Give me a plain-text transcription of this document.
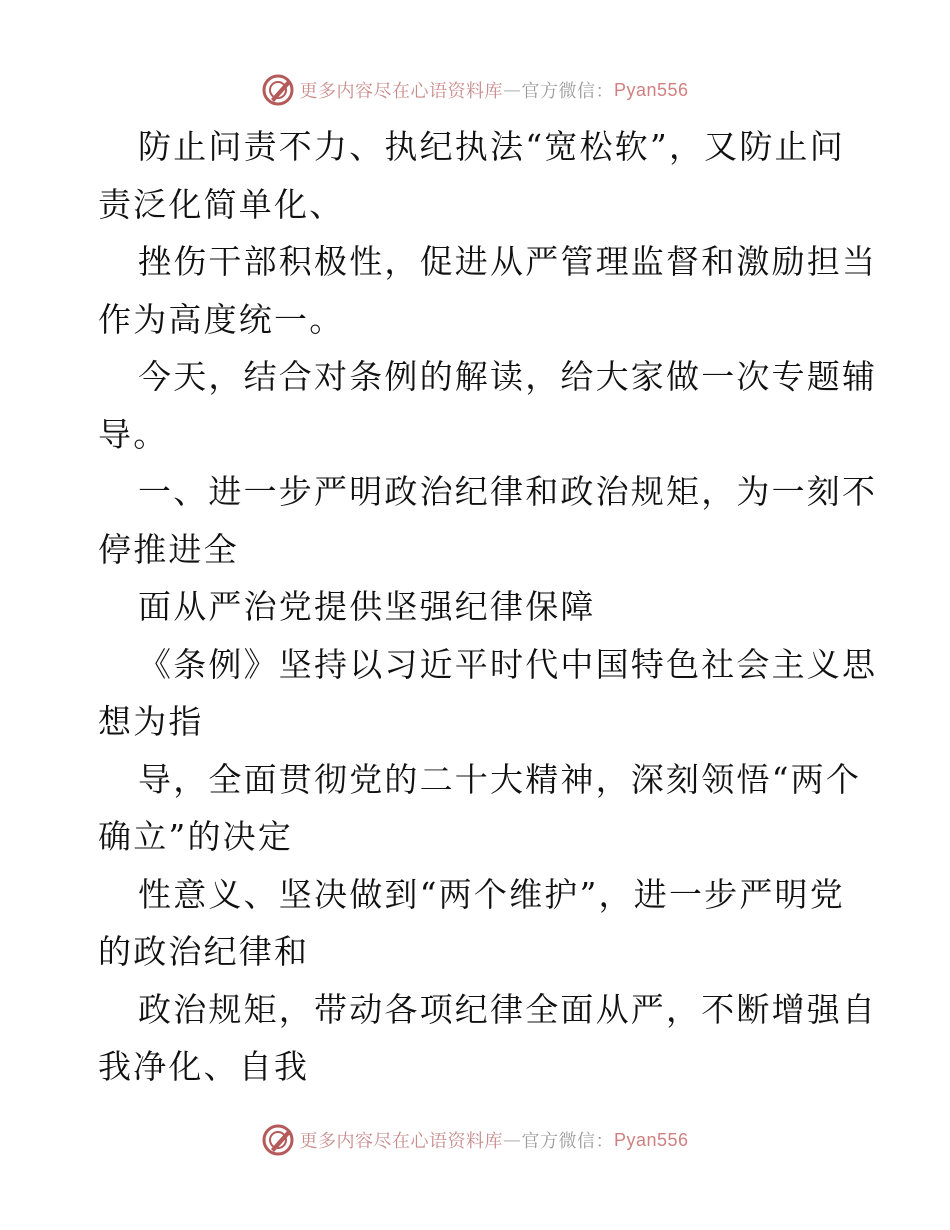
更多内容尽在心语资料库 — 官方微信： Pyan556
防止问责不力、执纪执法“宽松软”，又防止问
责泛化简单化、
挫伤干部积极性，促进从严管理监督和激励担当
作为高度统一。
今天，结合对条例的解读，给大家做一次专题辅
导。
一、进一步严明政治纪律和政治规矩，为一刻不
停推进全
面从严治党提供坚强纪律保障
《条例》坚持以习近平时代中国特色社会主义思
想为指
导，全面贯彻党的二十大精神，深刻领悟“两个
确立”的决定
性意义、坚决做到“两个维护”，进一步严明党
的政治纪律和
政治规矩，带动各项纪律全面从严，不断增强自
我净化、自我
更多内容尽在心语资料库 — 官方微信： Pyan556
